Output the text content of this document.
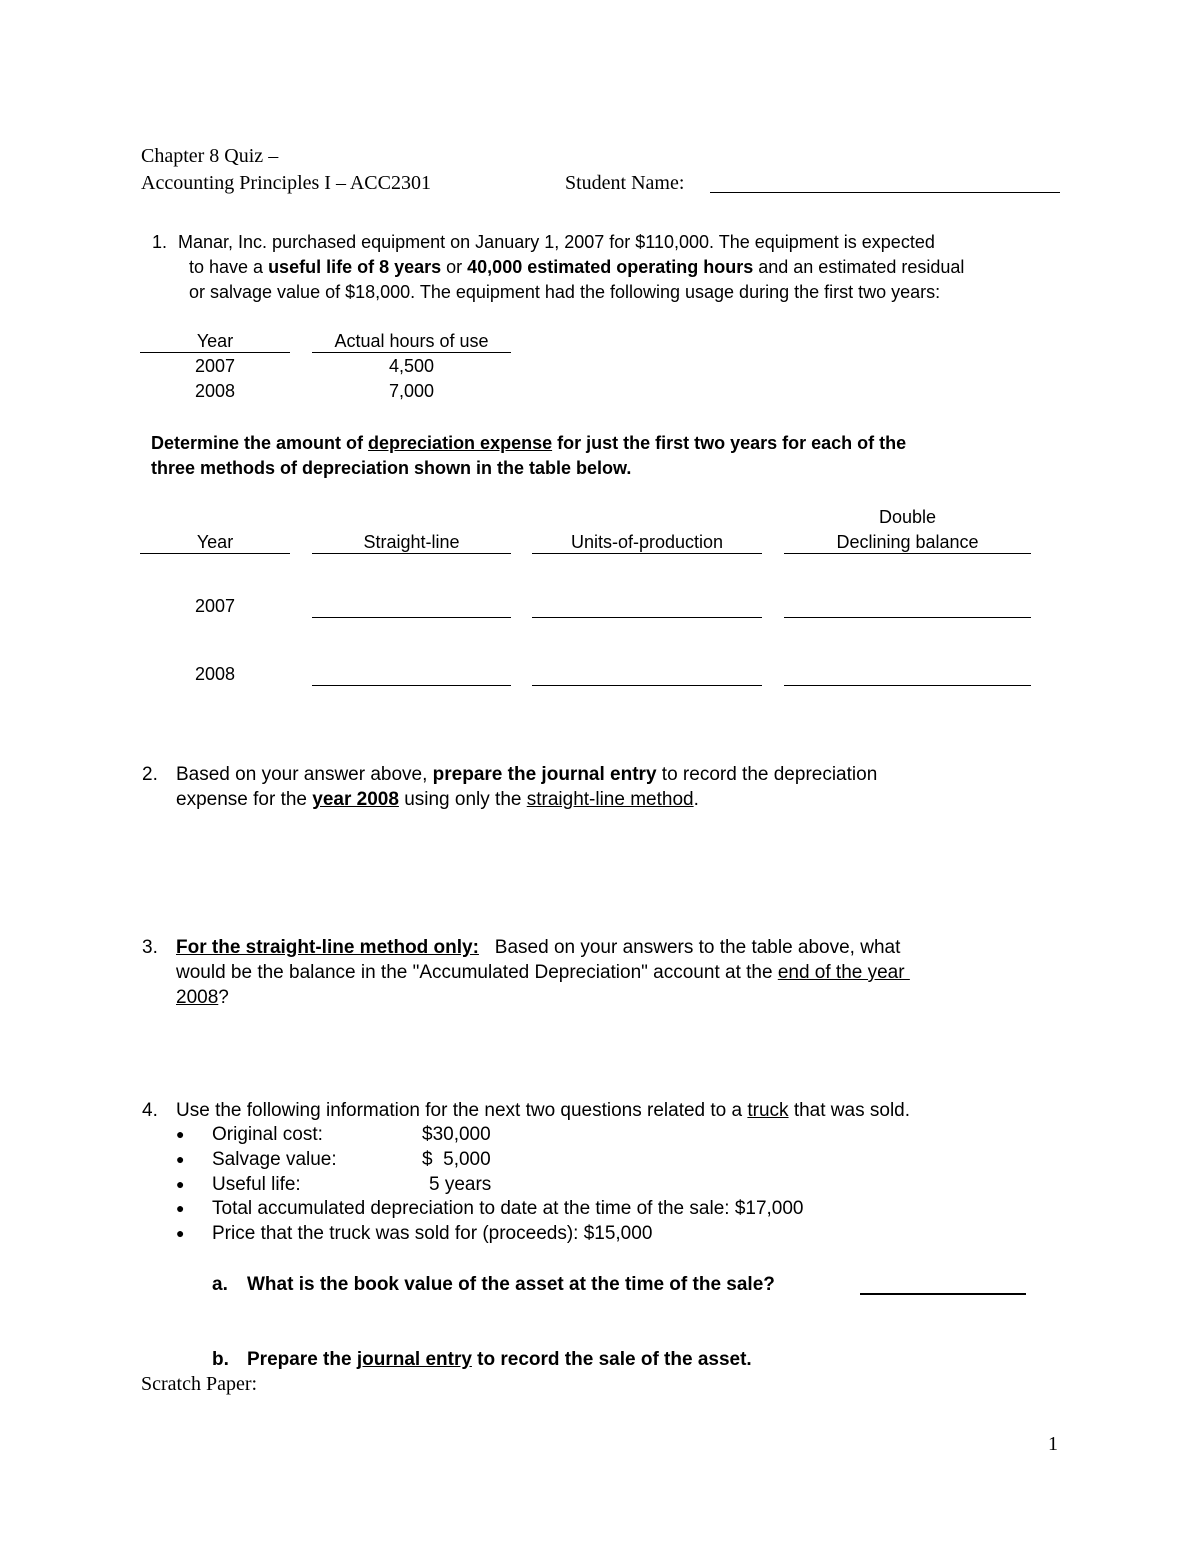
Chapter 8 Quiz –
Accounting Principles I – ACC2301	Student Name:
1. Manar, Inc. purchased equipment on January 1, 2007 for $110,000. The equipment is expected
to have a useful life of 8 years or 40,000 estimated operating hours and an estimated residual
or salvage value of $18,000. The equipment had the following usage during the first two years:
Year	Actual hours of use
2007	4,500
2008	7,000
Determine the amount of depreciation expense for just the first two years for each of the
three methods of depreciation shown in the table below.
Double
Year	Straight-line	Units-of-production	Declining balance
2007
2008
2. Based on your answer above, prepare the journal entry to record the depreciation
expense for the year 2008 using only the straight-line method.
3. For the straight-line method only:   Based on your answers to the table above, what
would be the balance in the "Accumulated Depreciation" account at the end of the year
2008?
4. Use the following information for the next two questions related to a truck that was sold.
● Original cost:	$30,000
● Salvage value:	$  5,000
● Useful life:	5 years
● Total accumulated depreciation to date at the time of the sale: $17,000
● Price that the truck was sold for (proceeds): $15,000
a. What is the book value of the asset at the time of the sale?
b. Prepare the journal entry to record the sale of the asset.
Scratch Paper:
1
